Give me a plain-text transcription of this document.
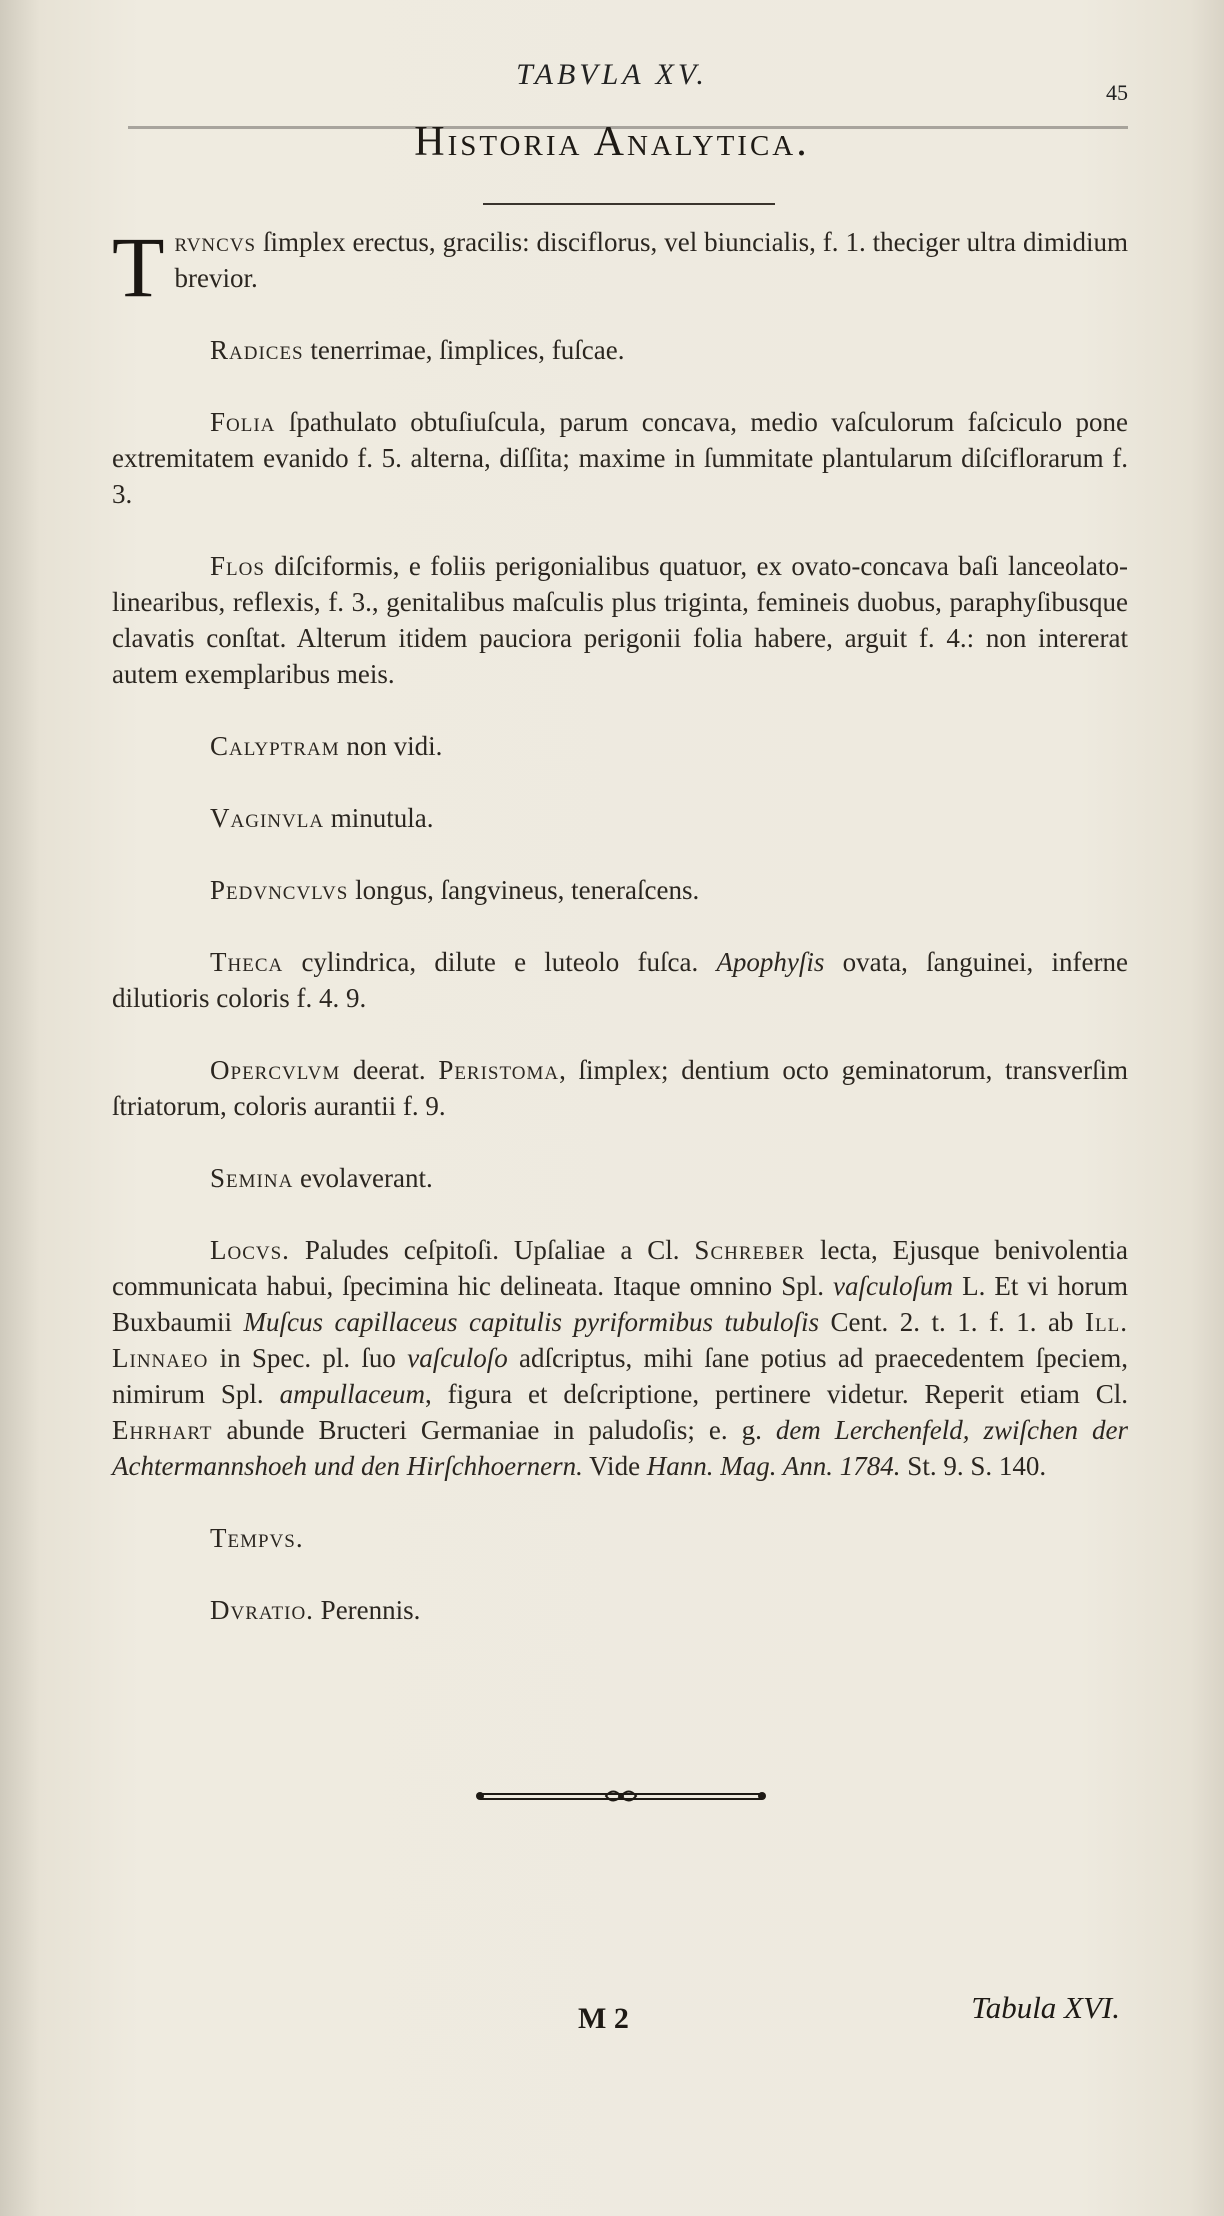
TABVLA XV.
45
Historia Analytica.

Trvncvs ſimplex erectus, gracilis: disciflorus, vel biuncialis, f. 1. theciger ultra dimidium brevior.

Radices tenerrimae, ſimplices, fuſcae.

Folia ſpathulato obtuſiuſcula, parum concava, medio vaſculorum faſciculo pone extremitatem evanido f. 5. alterna, diſſita; maxime in ſummitate plantularum diſciflorarum f. 3.

Flos diſciformis, e foliis perigonialibus quatuor, ex ovato-concava baſi lanceolato-linearibus, reflexis, f. 3., genitalibus maſculis plus triginta, femineis duobus, paraphyſibusque clavatis conſtat. Alterum itidem pauciora perigonii folia habere, arguit f. 4.: non intererat autem exemplaribus meis.

Calyptram non vidi.

Vaginvla minutula.

Pedvncvlvs longus, ſangvineus, teneraſcens.

Theca cylindrica, dilute e luteolo fuſca. Apophyſis ovata, ſanguinei, inferne dilutioris coloris f. 4. 9.

Opercvlvm deerat. Peristoma, ſimplex; dentium octo geminatorum, transverſim ſtriatorum, coloris aurantii f. 9.

Semina evolaverant.

Locvs. Paludes ceſpitoſi. Upſaliae a Cl. Schreber lecta, Ejusque benivolentia communicata habui, ſpecimina hic delineata. Itaque omnino Spl. vaſculoſum L. Et vi horum Buxbaumii Muſcus capillaceus capitulis pyriformibus tubuloſis Cent. 2. t. 1. f. 1. ab Ill. Linnaeo in Spec. pl. ſuo vaſculoſo adſcriptus, mihi ſane potius ad praecedentem ſpeciem, nimirum Spl. ampullaceum, figura et deſcriptione, pertinere videtur. Reperit etiam Cl. Ehrhart abunde Bructeri Germaniae in paludoſis; e. g. dem Lerchenfeld, zwiſchen der Achtermannshoeh und den Hirſchhoernern. Vide Hann. Mag. Ann. 1784. St. 9. S. 140.

Tempvs.

Dvratio. Perennis.

M 2	Tabula XVI.
